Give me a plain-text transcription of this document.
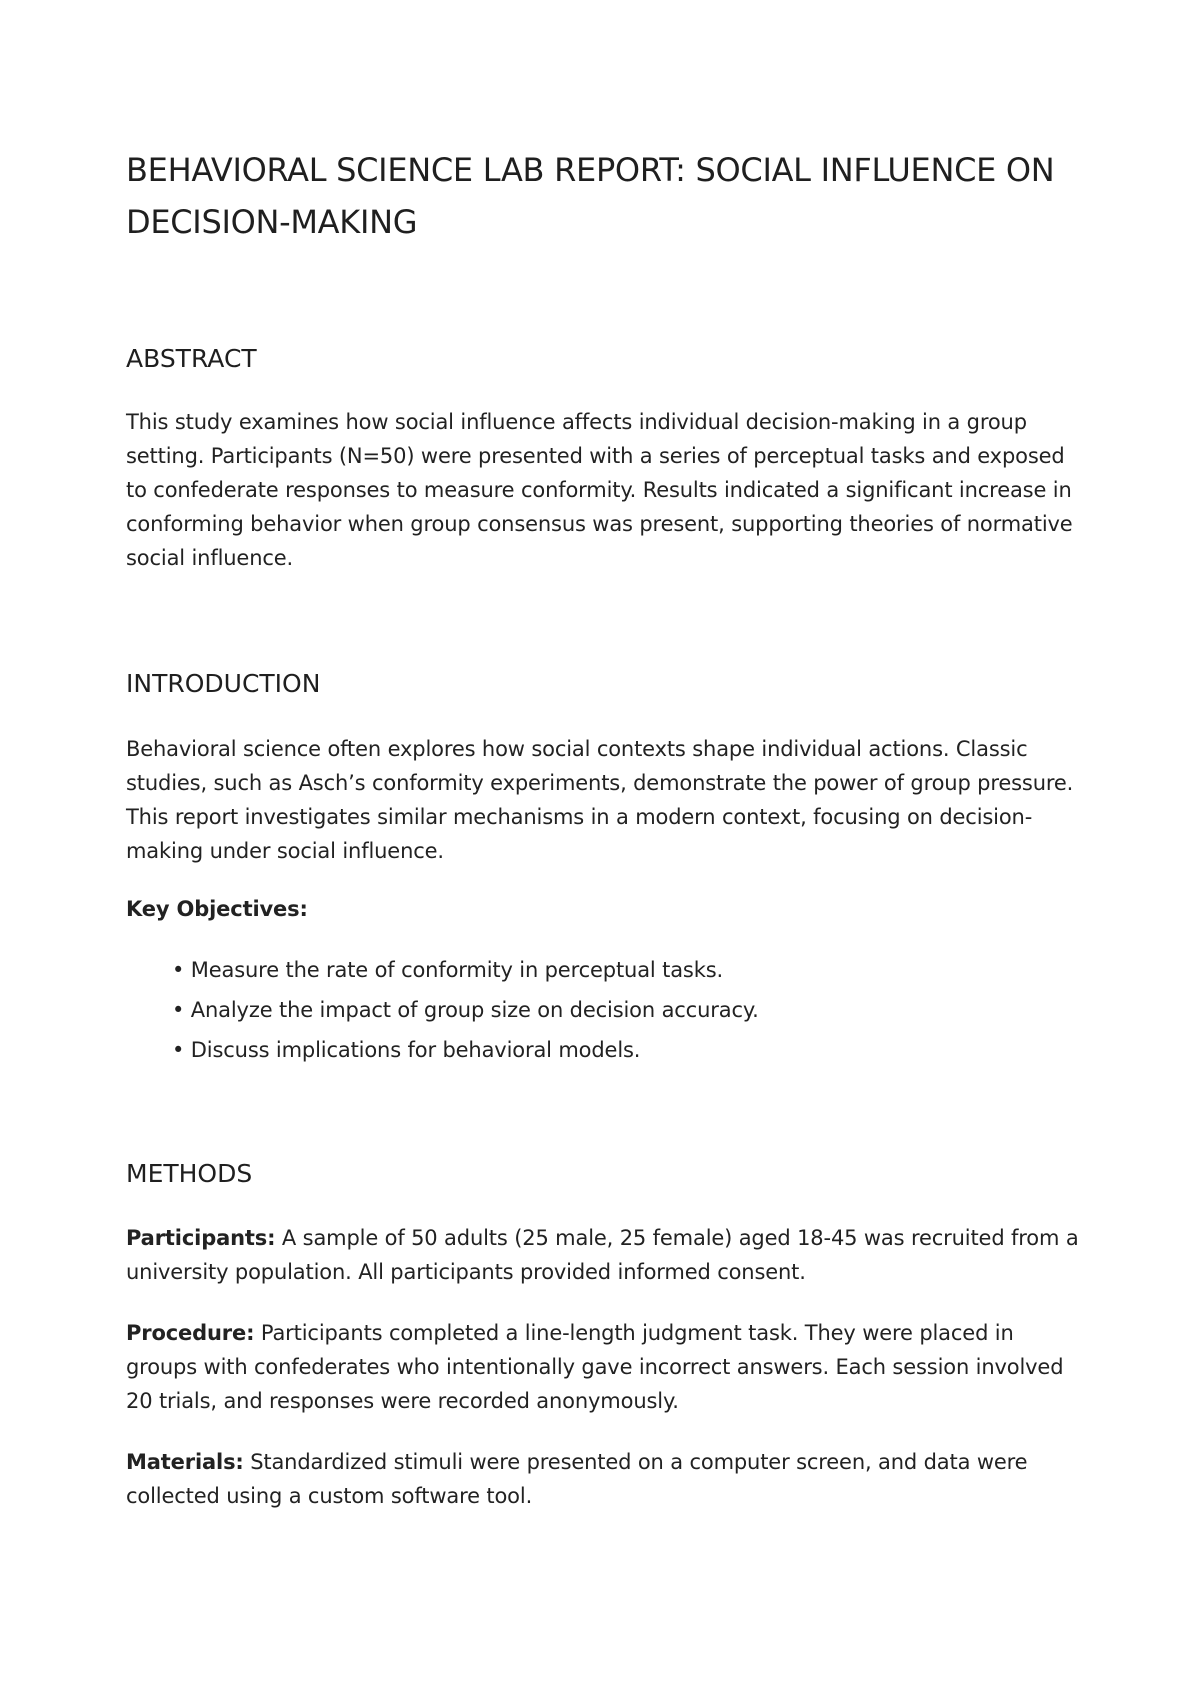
BEHAVIORAL SCIENCE LAB REPORT: SOCIAL INFLUENCE ON DECISION-MAKING
ABSTRACT

This study examines how social influence affects individual decision-making in a group setting. Participants (N=50) were presented with a series of perceptual tasks and exposed to confederate responses to measure conformity. Results indicated a significant increase in conforming behavior when group consensus was present, supporting theories of normative social influence.

INTRODUCTION

Behavioral science often explores how social contexts shape individual actions. Classic studies, such as Asch’s conformity experiments, demonstrate the power of group pressure. This report investigates similar mechanisms in a modern context, focusing on decision-making under social influence.

Key Objectives:

• Measure the rate of conformity in perceptual tasks.
• Analyze the impact of group size on decision accuracy.
• Discuss implications for behavioral models.
METHODS

Participants: A sample of 50 adults (25 male, 25 female) aged 18-45 was recruited from a university population. All participants provided informed consent.

Procedure: Participants completed a line-length judgment task. They were placed in groups with confederates who intentionally gave incorrect answers. Each session involved 20 trials, and responses were recorded anonymously.

Materials: Standardized stimuli were presented on a computer screen, and data were collected using a custom software tool.
